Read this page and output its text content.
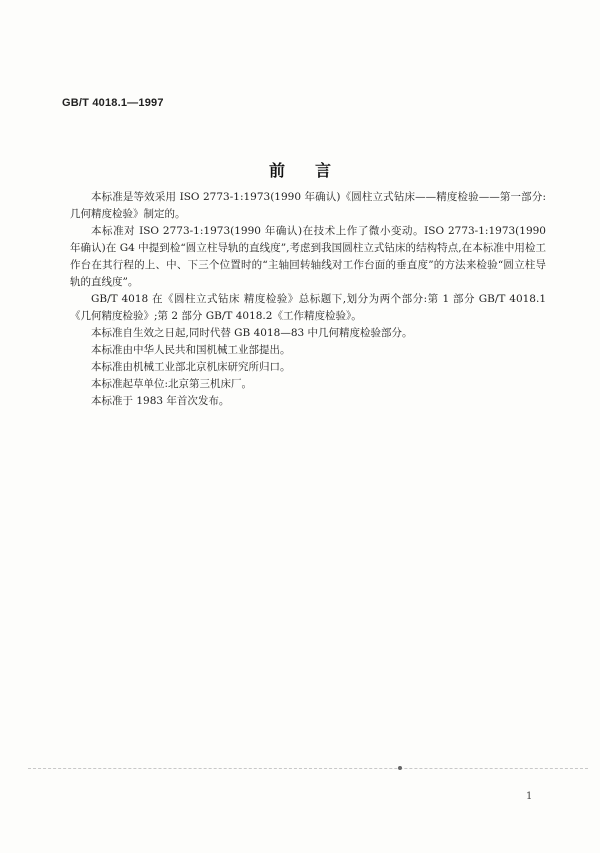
GB/T 4018.1—1997
前言

本标准是等效采用 ISO 2773-1:1973(1990 年确认)《圆柱立式钻床——精度检验——第一部分:几何精度检验》制定的。

本标准对 ISO 2773-1:1973(1990 年确认)在技术上作了微小变动。ISO 2773-1:1973(1990 年确认)在 G4 中提到检“圆立柱导轨的直线度”,考虑到我国圆柱立式钻床的结构特点,在本标准中用检工作台在其行程的上、中、下三个位置时的“主轴回转轴线对工作台面的垂直度”的方法来检验“圆立柱导轨的直线度”。

GB/T 4018 在《圆柱立式钻床 精度检验》总标题下,划分为两个部分:第 1 部分 GB/T 4018.1《几何精度检验》;第 2 部分 GB/T 4018.2《工作精度检验》。

本标准自生效之日起,同时代替 GB 4018—83 中几何精度检验部分。

本标准由中华人民共和国机械工业部提出。

本标准由机械工业部北京机床研究所归口。

本标准起草单位:北京第三机床厂。

本标准于 1983 年首次发布。

1
